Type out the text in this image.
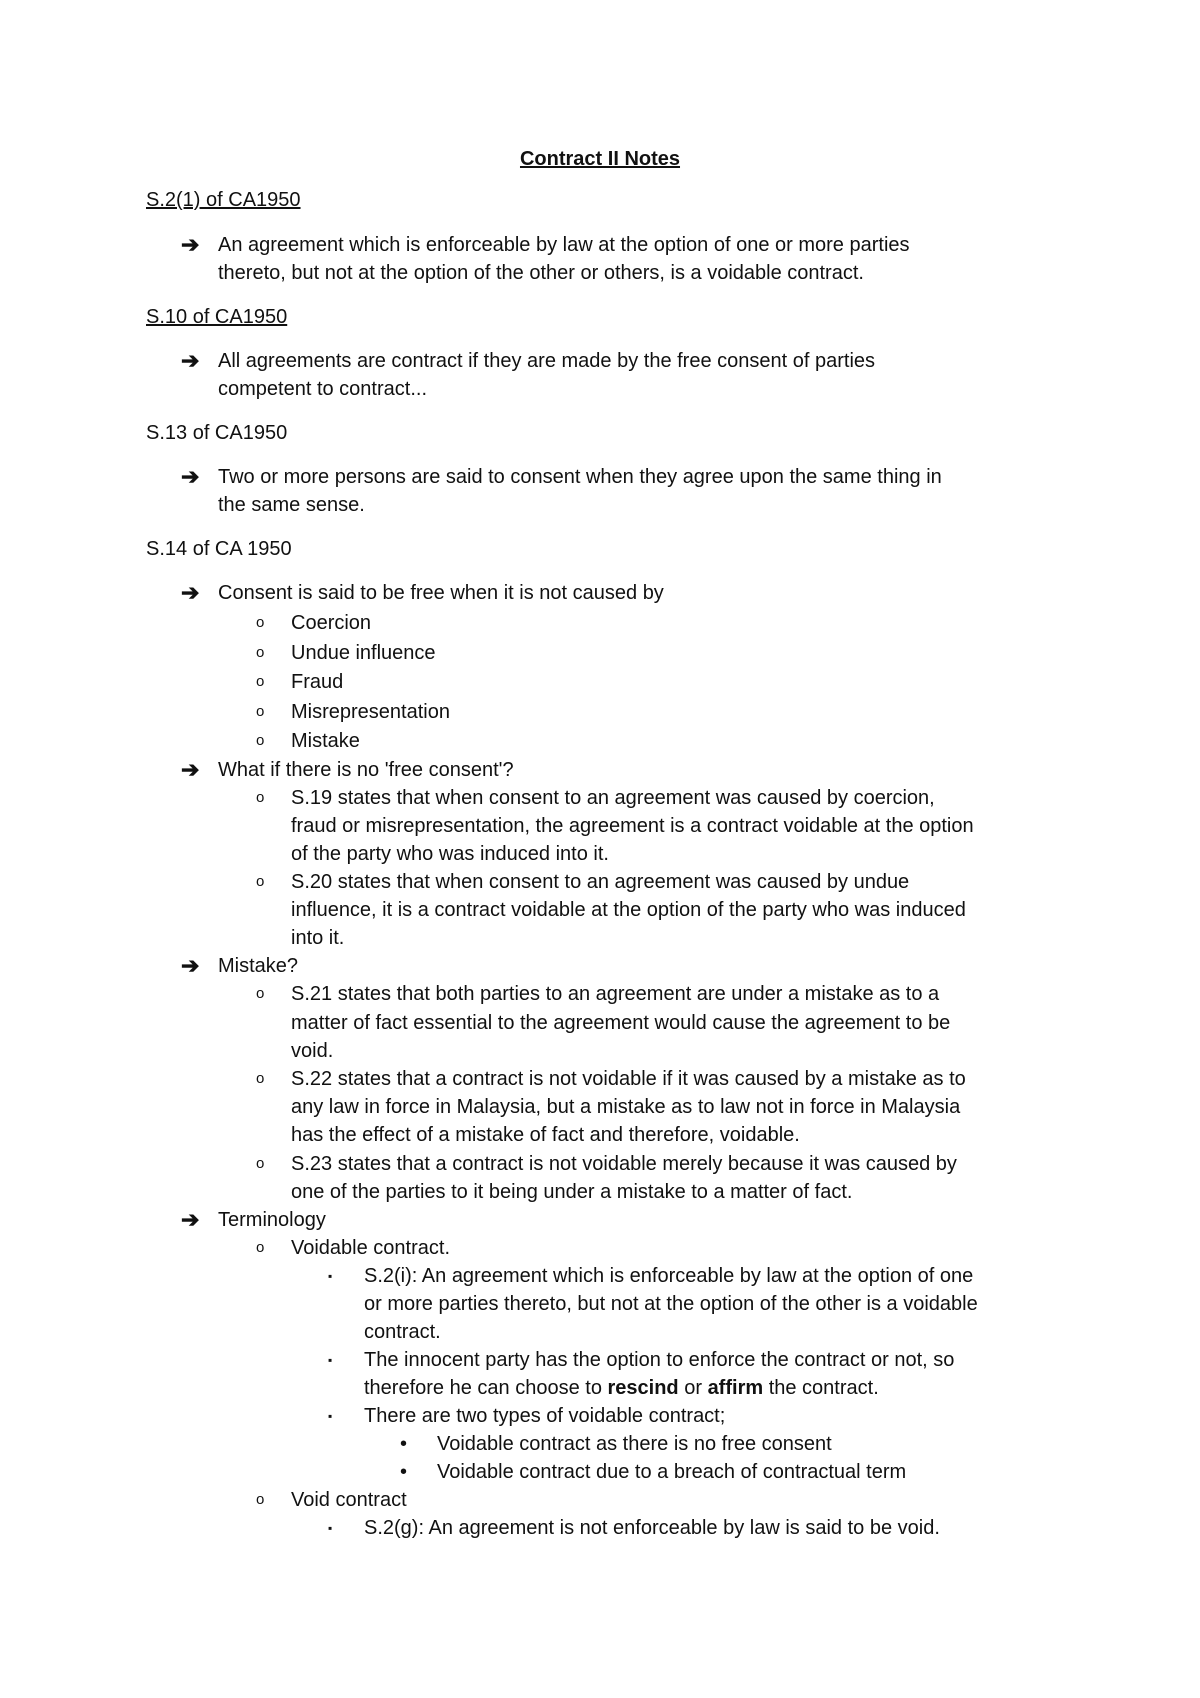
Contract II Notes
S.2(1) of CA1950
➔ An agreement which is enforceable by law at the option of one or more parties
thereto, but not at the option of the other or others, is a voidable contract.
S.10 of CA1950
➔ All agreements are contract if they are made by the free consent of parties
competent to contract...
S.13 of CA1950
➔ Two or more persons are said to consent when they agree upon the same thing in
the same sense.
S.14 of CA 1950
➔ Consent is said to be free when it is not caused by
o Coercion
o Undue influence
o Fraud
o Misrepresentation
o Mistake
➔ What if there is no 'free consent'?
o S.19 states that when consent to an agreement was caused by coercion,
fraud or misrepresentation, the agreement is a contract voidable at the option
of the party who was induced into it.
o S.20 states that when consent to an agreement was caused by undue
influence, it is a contract voidable at the option of the party who was induced
into it.
➔ Mistake?
o S.21 states that both parties to an agreement are under a mistake as to a
matter of fact essential to the agreement would cause the agreement to be
void.
o S.22 states that a contract is not voidable if it was caused by a mistake as to
any law in force in Malaysia, but a mistake as to law not in force in Malaysia
has the effect of a mistake of fact and therefore, voidable.
o S.23 states that a contract is not voidable merely because it was caused by
one of the parties to it being under a mistake to a matter of fact.
➔ Terminology
o Voidable contract.
▪ S.2(i): An agreement which is enforceable by law at the option of one
or more parties thereto, but not at the option of the other is a voidable
contract.
▪ The innocent party has the option to enforce the contract or not, so
therefore he can choose to rescind or affirm the contract.
▪ There are two types of voidable contract;
• Voidable contract as there is no free consent
• Voidable contract due to a breach of contractual term
o Void contract
▪ S.2(g): An agreement is not enforceable by law is said to be void.
